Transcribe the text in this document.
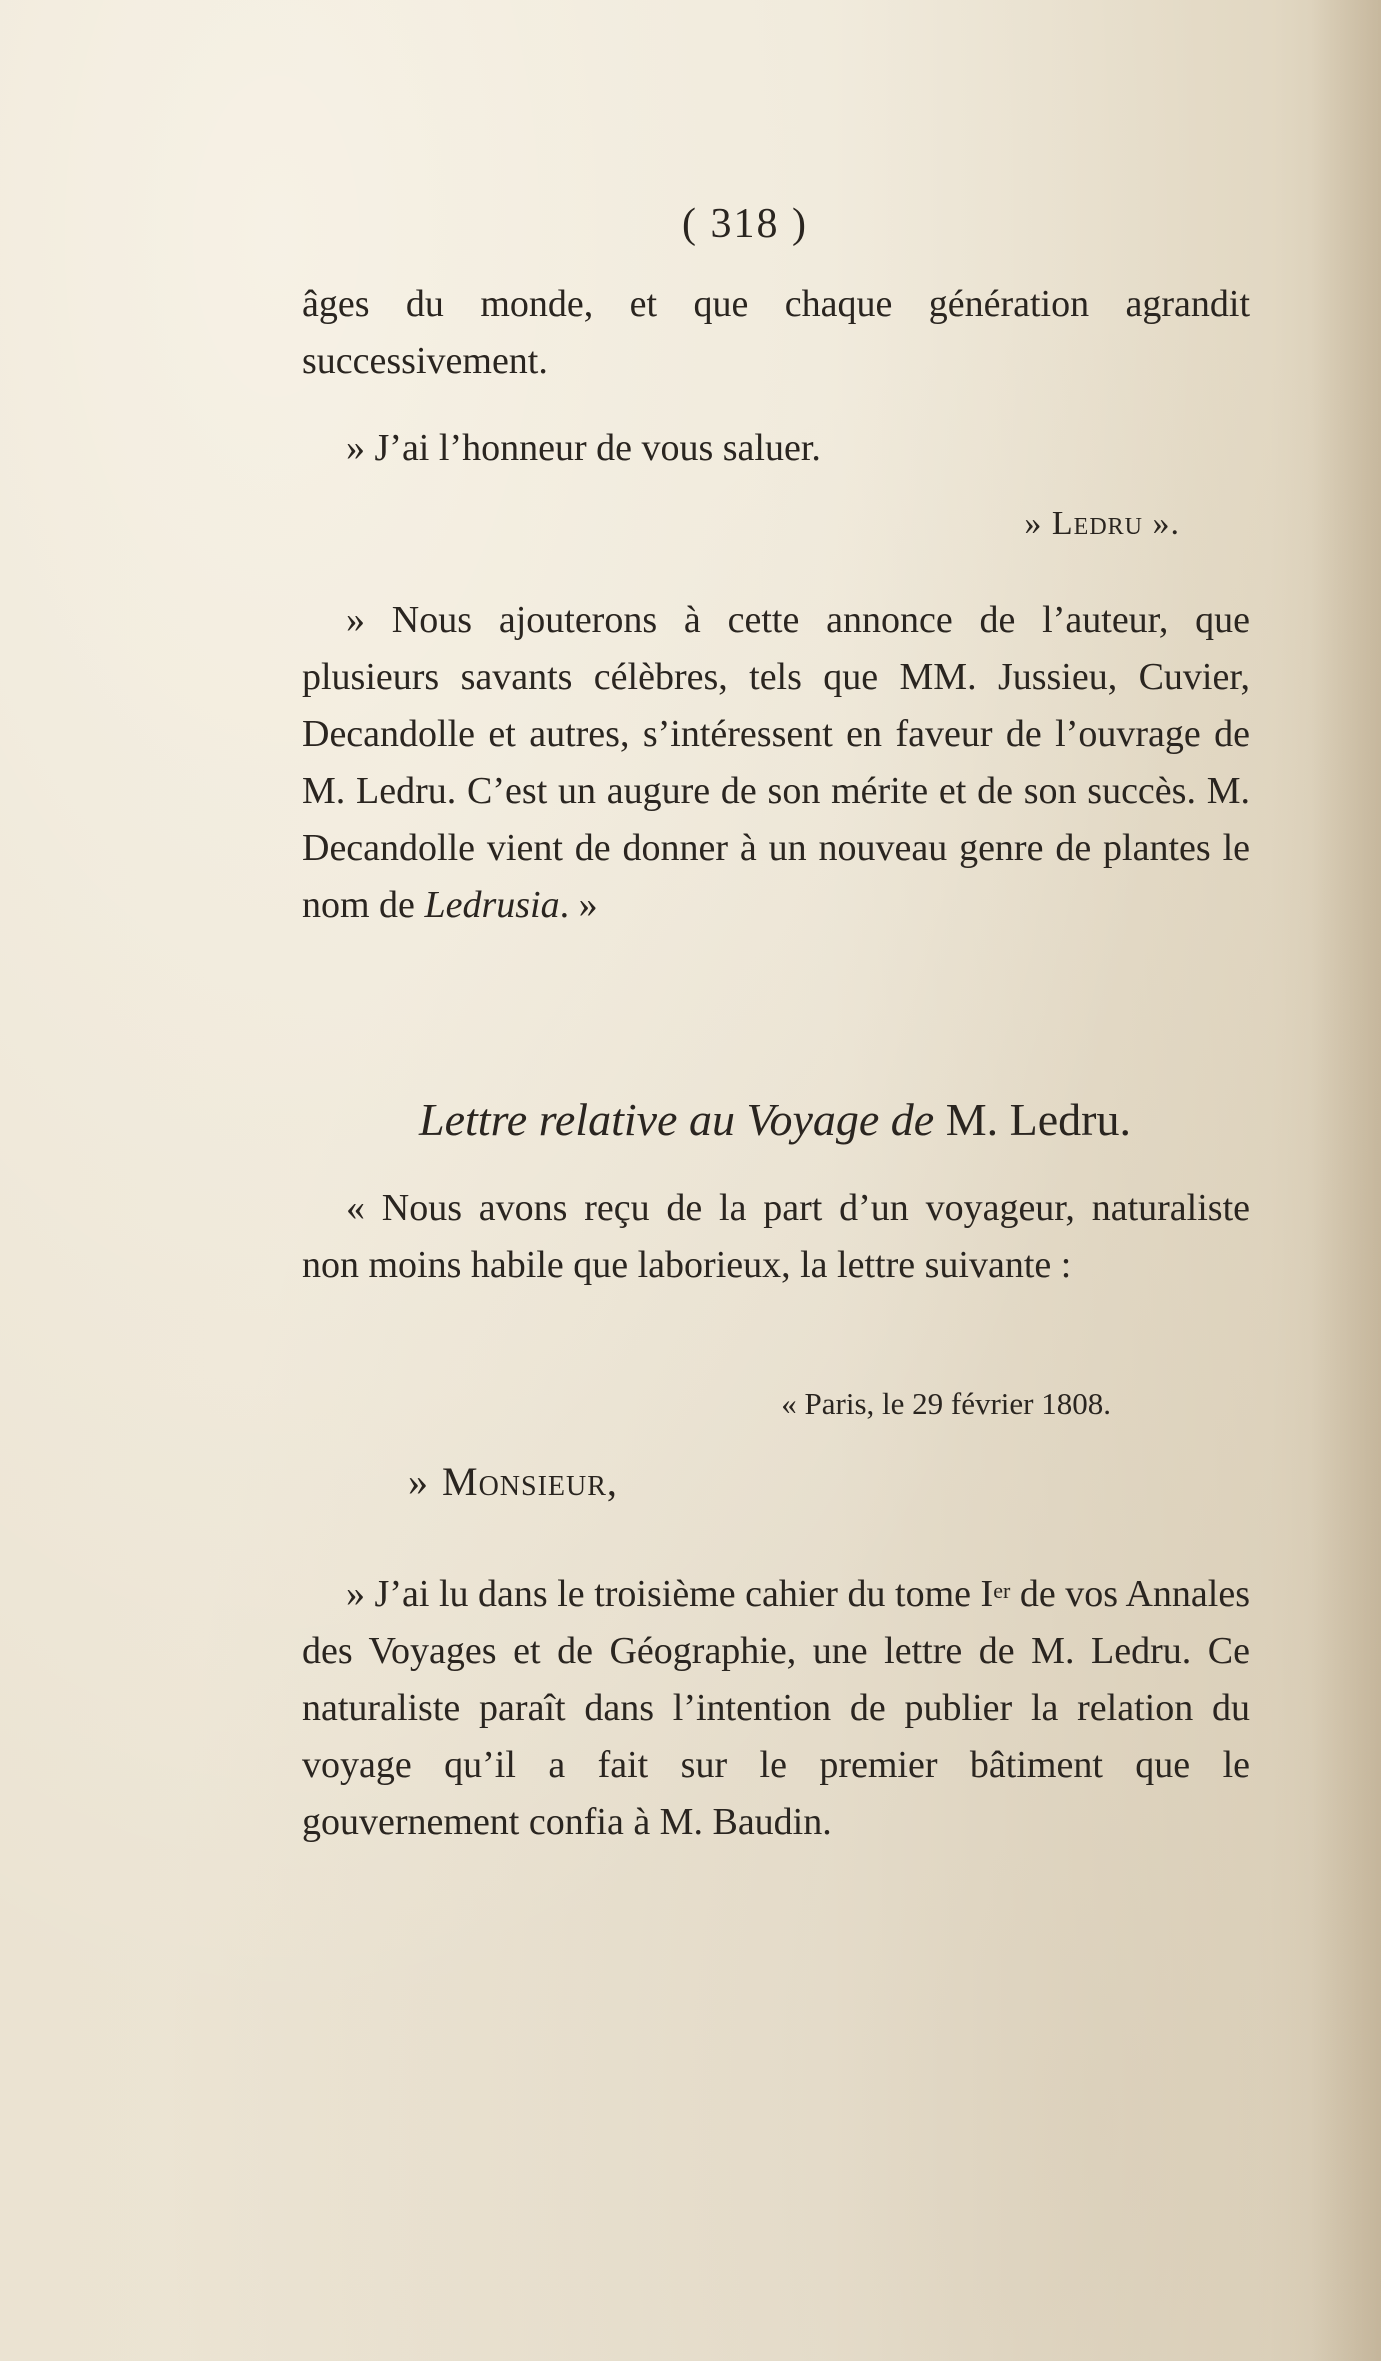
( 318 )

âges du monde, et que chaque génération agrandit successivement.

» J’ai l’honneur de vous saluer.

» Ledru ».

» Nous ajouterons à cette annonce de l’auteur, que plusieurs savants célèbres, tels que MM. Jussieu, Cuvier, Decandolle et autres, s’intéressent en faveur de l’ouvrage de M. Ledru. C’est un augure de son mérite et de son succès. M. Decandolle vient de donner à un nouveau genre de plantes le nom de Ledrusia. »

Lettre relative au Voyage de M. Ledru.

« Nous avons reçu de la part d’un voyageur, naturaliste non moins habile que laborieux, la lettre suivante :

« Paris, le 29 février 1808.
» Monsieur,

» J’ai lu dans le troisième cahier du tome Ier de vos Annales des Voyages et de Géographie, une lettre de M. Ledru. Ce naturaliste paraît dans l’intention de publier la relation du voyage qu’il a fait sur le premier bâtiment que le gouvernement confia à M. Baudin.
